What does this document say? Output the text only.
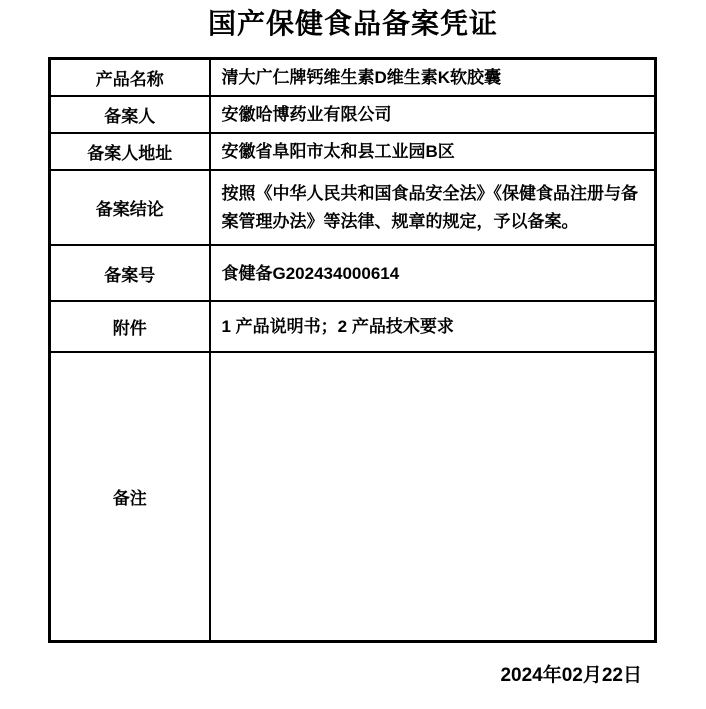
国产保健食品备案凭证
产品名称	清大广仁牌钙维生素D维生素K软胶囊
备案人	安徽哈博药业有限公司
备案人地址	安徽省阜阳市太和县工业园B区
备案结论	按照《中华人民共和国食品安全法》《保健食品注册与备案管理办法》等法律、规章的规定，予以备案。
备案号	食健备G202434000614
附件	1 产品说明书；2 产品技术要求
备注	
2024年02月22日
